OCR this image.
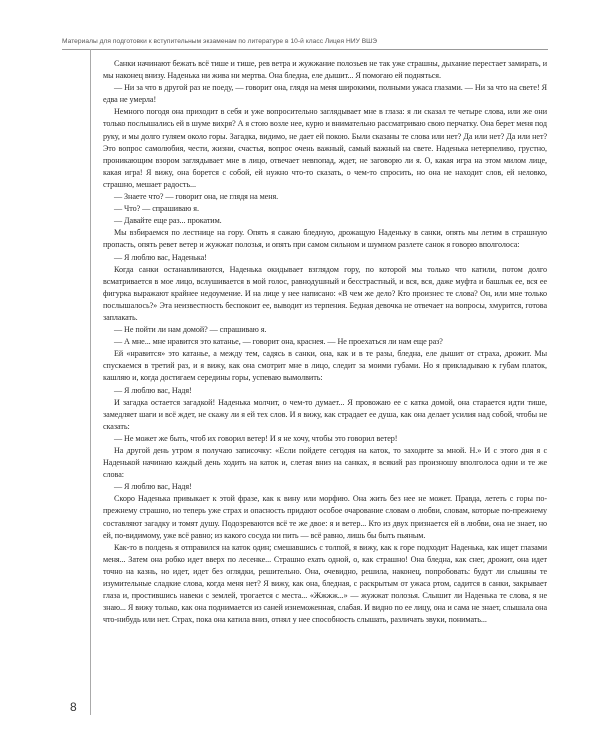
Материалы для подготовки к вступительным экзаменам по литературе в 10-й класс Лицея НИУ ВШЭ

Санки начинают бежать всё тише и тише, рев ветра и жужжание полозьев не так уже страшны, дыхание перестает замирать, и мы наконец внизу. Наденька ни жива ни мертва. Она бледна, еле дышит... Я помогаю ей подняться.

— Ни за что в другой раз не поеду, — говорит она, глядя на меня широкими, полными ужаса глазами. — Ни за что на свете! Я едва не умерла!

Немного погодя она приходит в себя и уже вопросительно заглядывает мне в глаза: я ли сказал те четыре слова, или же они только послышались ей в шуме вихря? А я стою возле нее, курю и внимательно рассматриваю свою перчатку. Она берет меня под руку, и мы долго гуляем около горы. Загадка, видимо, не дает ей покою. Были сказаны те слова или нет? Да или нет? Да или нет? Это вопрос самолюбия, чести, жизни, счастья, вопрос очень важный, самый важный на свете. Наденька нетерпеливо, грустно, проникающим взором заглядывает мне в лицо, отвечает невпопад, ждет, не заговорю ли я. О, какая игра на этом милом лице, какая игра! Я вижу, она борется с собой, ей нужно что-то сказать, о чем-то спросить, но она не находит слов, ей неловко, страшно, мешает радость...

— Знаете что? — говорит она, не глядя на меня.

— Что? — спрашиваю я.

— Давайте еще раз... прокатим.

Мы взбираемся по лестнице на гору. Опять я сажаю бледную, дрожащую Наденьку в санки, опять мы летим в страшную пропасть, опять ревет ветер и жужжат полозья, и опять при самом сильном и шумном разлете санок я говорю вполголоса:

— Я люблю вас, Наденька!

Когда санки останавливаются, Наденька окидывает взглядом гору, по которой мы только что катили, потом долго всматривается в мое лицо, вслушивается в мой голос, равнодушный и бесстрастный, и вся, вся, даже муфта и башлык ее, вся ее фигурка выражают крайнее недоумение. И на лице у нее написано: «В чем же дело? Кто произнес те слова? Он, или мне только послышалось?» Эта неизвестность беспокоит ее, выводит из терпения. Бедная девочка не отвечает на вопросы, хмурится, готова заплакать.

— Не пойти ли нам домой? — спрашиваю я.

— А мне... мне нравится это катанье, — говорит она, краснея. — Не проехаться ли нам еще раз?

Ей «нравится» это катанье, а между тем, садясь в санки, она, как и в те разы, бледна, еле дышит от страха, дрожит. Мы спускаемся в третий раз, и я вижу, как она смотрит мне в лицо, следит за моими губами. Но я прикладываю к губам платок, кашляю и, когда достигаем середины горы, успеваю вымолвить:

— Я люблю вас, Надя!

И загадка остается загадкой! Наденька молчит, о чем-то думает... Я провожаю ее с катка домой, она старается идти тише, замедляет шаги и всё ждет, не скажу ли я ей тех слов. И я вижу, как страдает ее душа, как она делает усилия над собой, чтобы не сказать:

— Не может же быть, чтоб их говорил ветер! И я не хочу, чтобы это говорил ветер!

На другой день утром я получаю записочку: «Если пойдете сегодня на каток, то заходите за мной. Н.» И с этого дня я с Наденькой начинаю каждый день ходить на каток и, слетая вниз на санках, я всякий раз произношу вполголоса одни и те же слова:

— Я люблю вас, Надя!

Скоро Наденька привыкает к этой фразе, как к вину или морфию. Она жить без нее не может. Правда, лететь с горы по-прежнему страшно, но теперь уже страх и опасность придают особое очарование словам о любви, словам, которые по-прежнему составляют загадку и томят душу. Подозреваются всё те же двое: я и ветер... Кто из двух признается ей в любви, она не знает, но ей, по-видимому, уже всё равно; из какого сосуда ни пить — всё равно, лишь бы быть пьяным.

Как-то в полдень я отправился на каток один; смешавшись с толпой, я вижу, как к горе подходит Наденька, как ищет глазами меня... Затем она робко идет вверх по лесенке... Страшно ехать одной, о, как страшно! Она бледна, как снег, дрожит, она идет точно на казнь, но идет, идет без оглядки, решительно. Она, очевидно, решила, наконец, попробовать: будут ли слышны те изумительные сладкие слова, когда меня нет? Я вижу, как она, бледная, с раскрытым от ужаса ртом, садится в санки, закрывает глаза и, простившись навеки с землей, трогается с места... «Жжжж...» — жужжат полозья. Слышит ли Наденька те слова, я не знаю... Я вижу только, как она поднимается из саней изнеможенная, слабая. И видно по ее лицу, она и сама не знает, слышала она что-нибудь или нет. Страх, пока она катила вниз, отнял у нее способность слышать, различать звуки, понимать...

8
